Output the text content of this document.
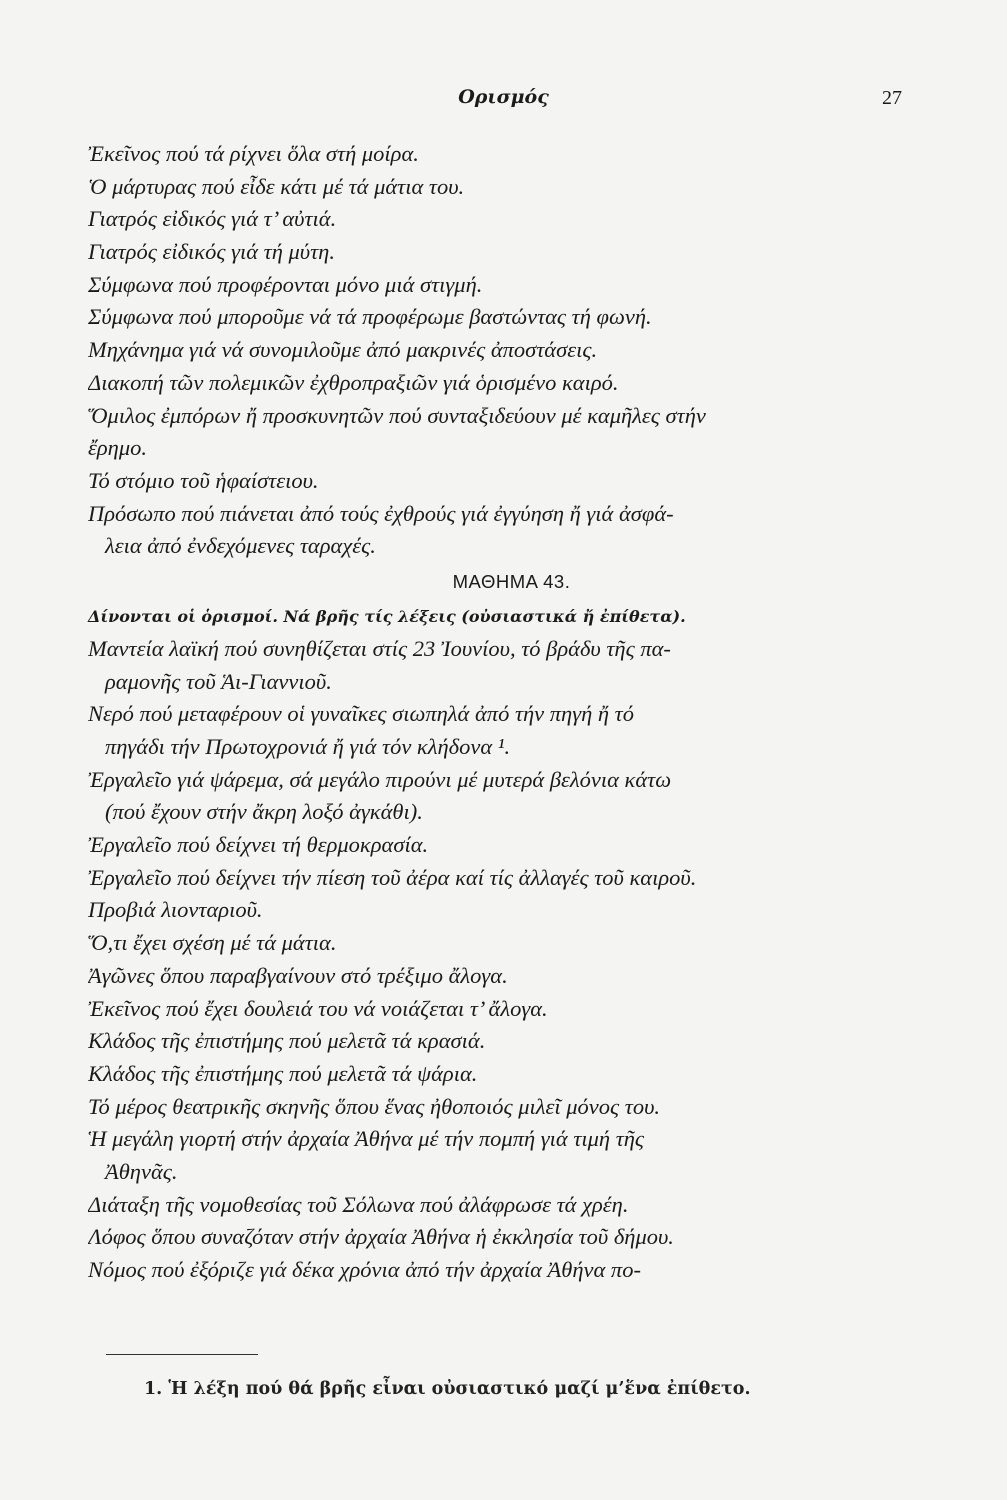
Ορισμός	27
Ἐκεῖνος πού τά ρίχνει ὅλα στή μοίρα.
Ὁ μάρτυρας πού εἶδε κάτι μέ τά μάτια του.
Γιατρός εἰδικός γιά τ’ αὐτιά.
Γιατρός εἰδικός γιά τή μύτη.
Σύμφωνα πού προφέρονται μόνο μιά στιγμή.
Σύμφωνα πού μποροῦμε νά τά προφέρωμε βαστώντας τή φωνή.
Μηχάνημα γιά νά συνομιλοῦμε ἀπό μακρινές ἀποστάσεις.
Διακοπή τῶν πολεμικῶν ἐχθροπραξιῶν γιά ὁρισμένο καιρό.
Ὅμιλος ἐμπόρων ἤ προσκυνητῶν πού συνταξιδεύουν μέ καμῆλες στήν
ἔρημο.
Τό στόμιο τοῦ ἡφαίστειου.
Πρόσωπο πού πιάνεται ἀπό τούς ἐχθρούς γιά ἐγγύηση ἤ γιά ἀσφά-
λεια ἀπό ἐνδεχόμενες ταραχές.
ΜΑΘΗΜΑ 43.
Δίνονται οἱ ὁρισμοί. Νά βρῆς τίς λέξεις (οὐσιαστικά ἤ ἐπίθετα).
Μαντεία λαϊκή πού συνηθίζεται στίς 23 Ἰουνίου, τό βράδυ τῆς πα-
ραμονῆς τοῦ Ἁι-Γιαννιοῦ.
Νερό πού μεταφέρουν οἱ γυναῖκες σιωπηλά ἀπό τήν πηγή ἤ τό
πηγάδι τήν Πρωτοχρονιά ἤ γιά τόν κλήδονα ¹.
Ἐργαλεῖο γιά ψάρεμα, σά μεγάλο πιρούνι μέ μυτερά βελόνια κάτω
(πού ἔχουν στήν ἄκρη λοξό ἀγκάθι).
Ἐργαλεῖο πού δείχνει τή θερμοκρασία.
Ἐργαλεῖο πού δείχνει τήν πίεση τοῦ ἀέρα καί τίς ἀλλαγές τοῦ καιροῦ.
Προβιά λιονταριοῦ.
Ὅ,τι ἔχει σχέση μέ τά μάτια.
Ἀγῶνες ὅπου παραβγαίνουν στό τρέξιμο ἄλογα.
Ἐκεῖνος πού ἔχει δουλειά του νά νοιάζεται τ’ ἄλογα.
Κλάδος τῆς ἐπιστήμης πού μελετᾶ τά κρασιά.
Κλάδος τῆς ἐπιστήμης πού μελετᾶ τά ψάρια.
Τό μέρος θεατρικῆς σκηνῆς ὅπου ἕνας ἠθοποιός μιλεῖ μόνος του.
Ἡ μεγάλη γιορτή στήν ἀρχαία Ἀθήνα μέ τήν πομπή γιά τιμή τῆς
Ἀθηνᾶς.
Διάταξη τῆς νομοθεσίας τοῦ Σόλωνα πού ἀλάφρωσε τά χρέη.
Λόφος ὅπου συναζόταν στήν ἀρχαία Ἀθήνα ἡ ἐκκλησία τοῦ δήμου.
Νόμος πού ἐξόριζε γιά δέκα χρόνια ἀπό τήν ἀρχαία Ἀθήνα πο-
1. Ἡ λέξη πού θά βρῆς εἶναι οὐσιαστικό μαζί μ’ἕνα ἐπίθετο.
